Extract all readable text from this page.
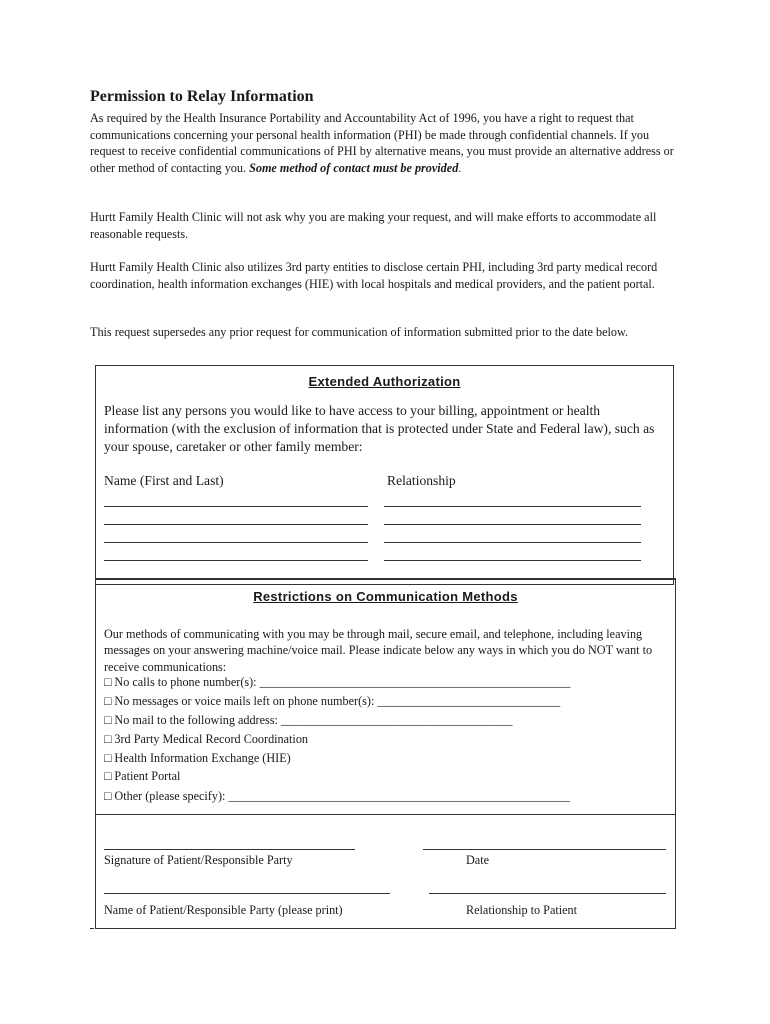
Permission to Relay Information

As required by the Health Insurance Portability and Accountability Act of 1996, you have a right to request that communications concerning your personal health information (PHI) be made through confidential channels. If you request to receive confidential communications of PHI by alternative means, you must provide an alternative address or other method of contacting you. Some method of contact must be provided.

Hurtt Family Health Clinic will not ask why you are making your request, and will make efforts to accommodate all reasonable requests.

Hurtt Family Health Clinic also utilizes 3rd party entities to disclose certain PHI, including 3rd party medical record coordination, health information exchanges (HIE) with local hospitals and medical providers, and the patient portal.

This request supersedes any prior request for communication of information submitted prior to the date below.

Extended Authorization

Please list any persons you would like to have access to your billing, appointment or health information (with the exclusion of information that is protected under State and Federal law), such as your spouse, caretaker or other family member:

Name (First and Last)	Relationship
Restrictions on Communication Methods

Our methods of communicating with you may be through mail, secure email, and telephone, including leaving messages on your answering machine/voice mail. Please indicate below any ways in which you do NOT want to receive communications:

□ No calls to phone number(s): ___________________________________________________
□ No messages or voice mails left on phone number(s): ______________________________
□ No mail to the following address: ______________________________________
□ 3rd Party Medical Record Coordination
□ Health Information Exchange (HIE)
□ Patient Portal
□ Other (please specify): ________________________________________________________
Signature of Patient/Responsible Party	Date
Name of Patient/Responsible Party (please print)	Relationship to Patient
